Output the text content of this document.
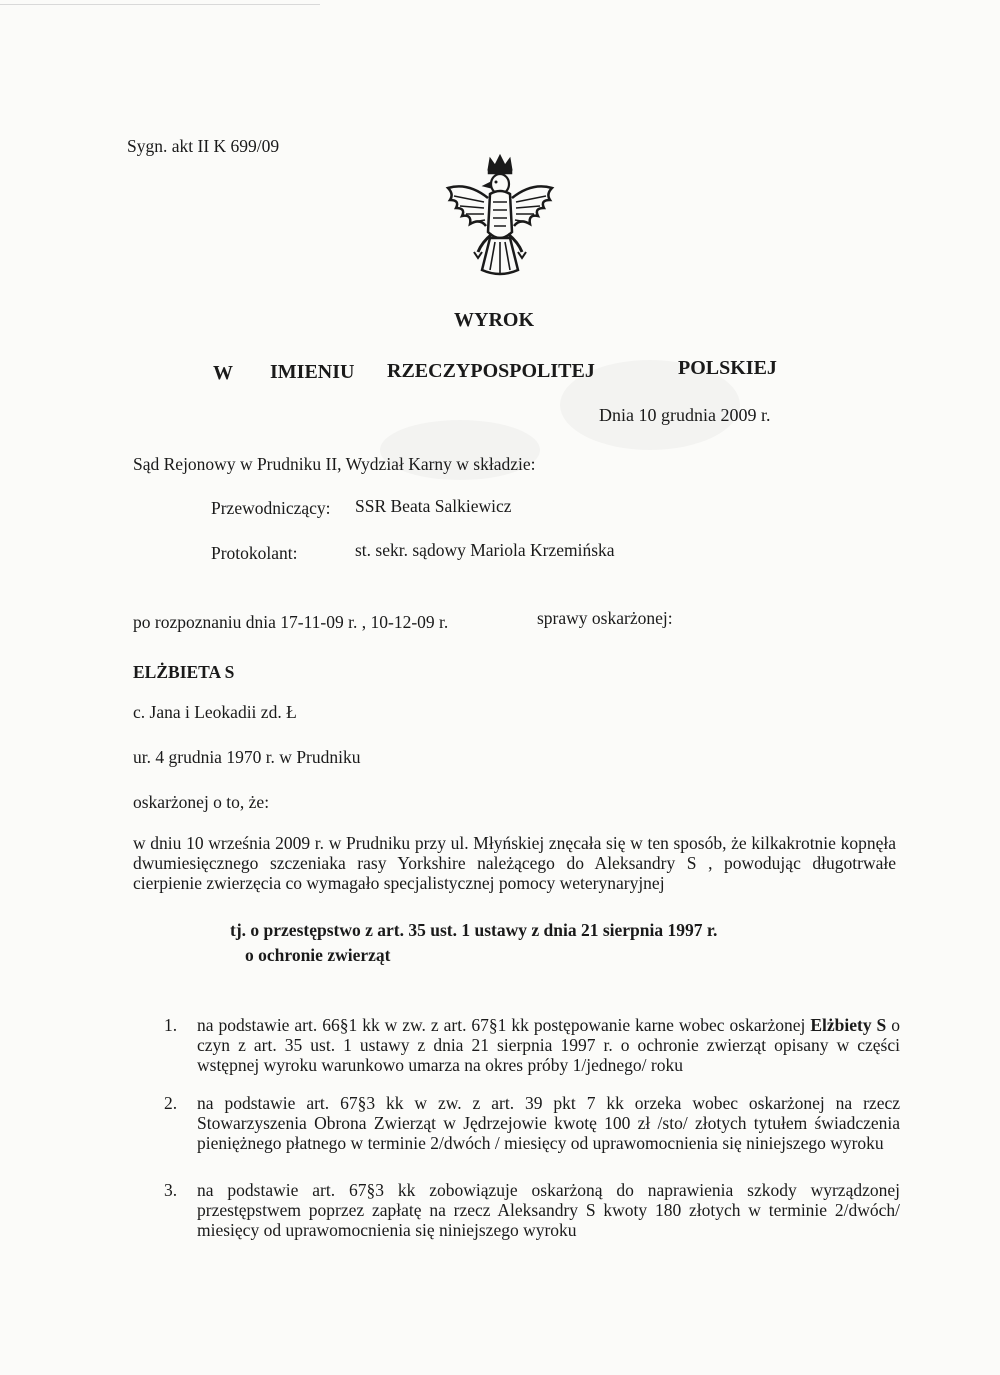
Sygn. akt II K 699/09
WYROK
W IMIENIU RZECZYPOSPOLITEJ	POLSKIEJ
Dnia 10 grudnia 2009 r.
Sąd Rejonowy w Prudniku II, Wydział Karny w składzie:
Przewodniczący: SSR Beata Salkiewicz
Protokolant:	st. sekr. sądowy Mariola Krzemińska
po rozpoznaniu dnia 17-11-09 r. , 10-12-09 r.	sprawy oskarżonej:
ELŻBIETA S
c. Jana i Leokadii zd. Ł
ur. 4 grudnia 1970 r. w Prudniku
oskarżonej o to, że:
w dniu 10 września 2009 r. w Prudniku przy ul. Młyńskiej znęcała się w ten sposób, że kilkakrotnie kopnęła dwumiesięcznego szczeniaka rasy Yorkshire należącego do Aleksandry S , powodując długotrwałe cierpienie zwierzęcia co wymagało specjalistycznej pomocy weterynaryjnej
tj. o przestępstwo z art. 35 ust. 1 ustawy z dnia 21 sierpnia 1997 r.
o ochronie zwierząt
1. na podstawie art. 66§1 kk w zw. z art. 67§1 kk postępowanie karne wobec oskarżonej Elżbiety S o czyn z art. 35 ust. 1 ustawy z dnia 21 sierpnia 1997 r. o ochronie zwierząt opisany w części wstępnej wyroku warunkowo umarza na okres próby 1/jednego/ roku
2. na podstawie art. 67§3 kk w zw. z art. 39 pkt 7 kk orzeka wobec oskarżonej na rzecz Stowarzyszenia Obrona Zwierząt w Jędrzejowie kwotę 100 zł /sto/ złotych tytułem świadczenia pieniężnego płatnego w terminie 2/dwóch / miesięcy od uprawomocnienia się niniejszego wyroku
3. na podstawie art. 67§3 kk zobowiązuje oskarżoną do naprawienia szkody wyrządzonej przestępstwem poprzez zapłatę na rzecz Aleksandry S kwoty 180 złotych w terminie 2/dwóch/ miesięcy od uprawomocnienia się niniejszego wyroku
